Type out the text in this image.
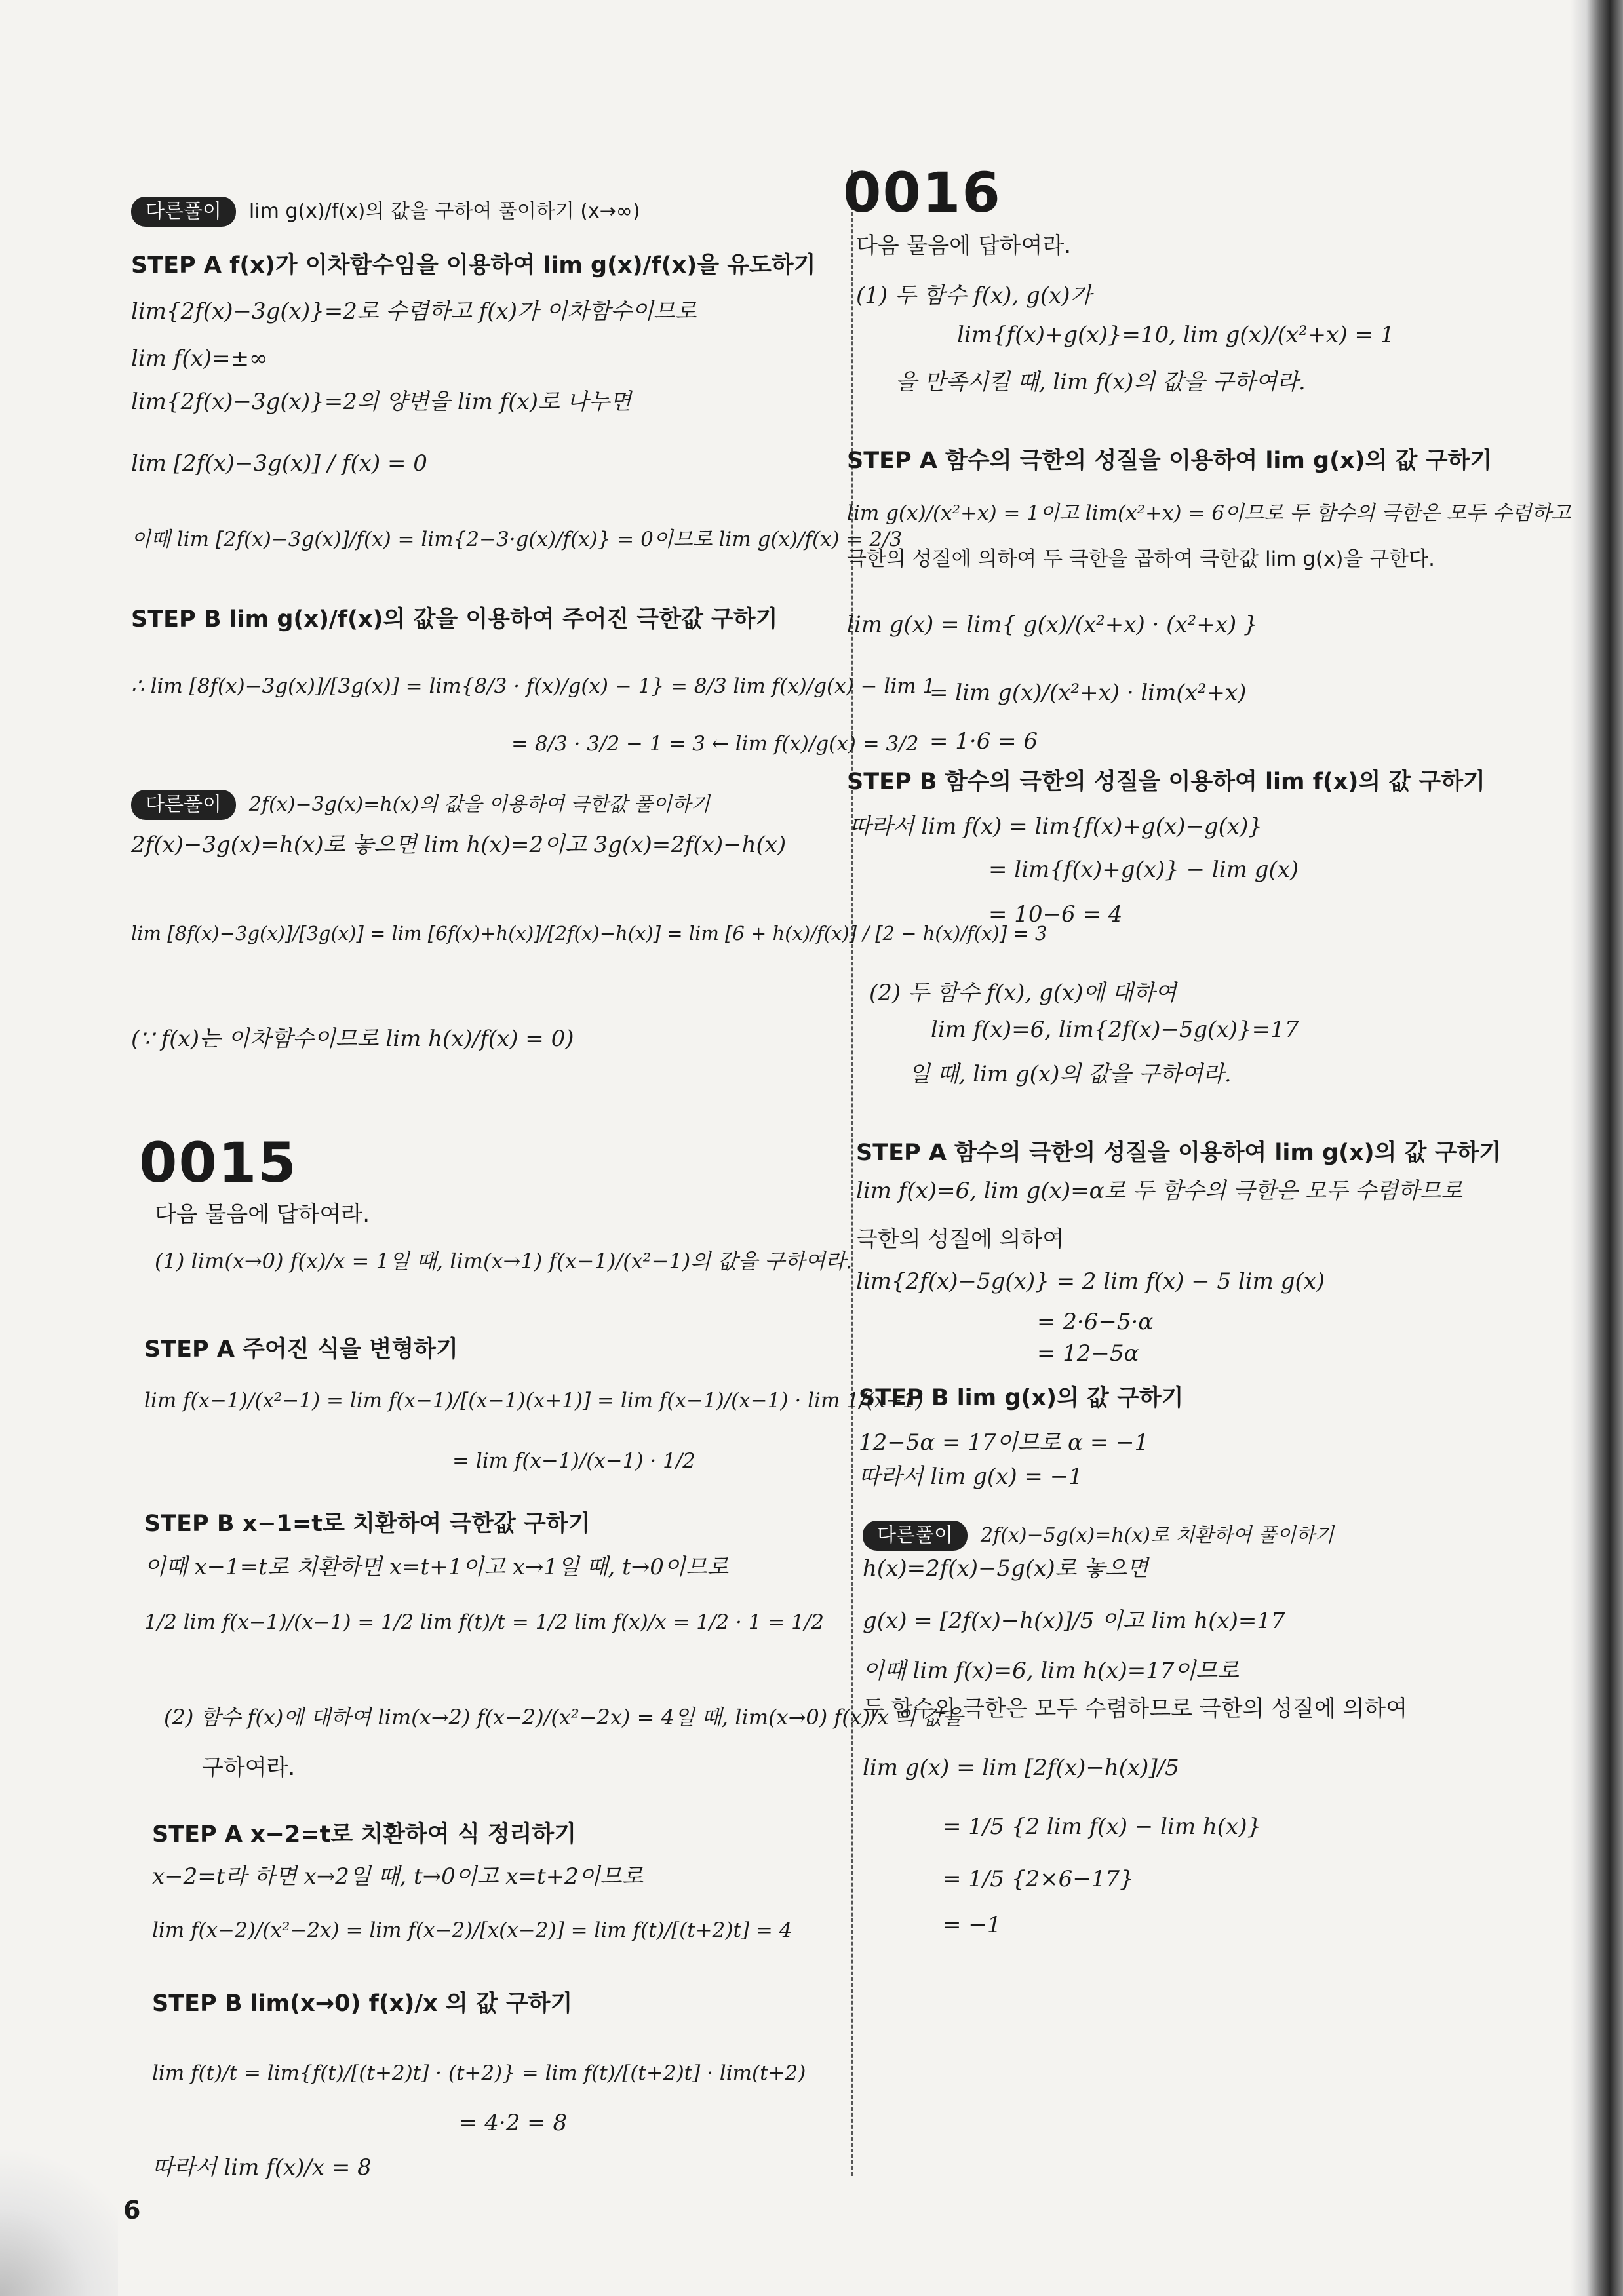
다른풀이 lim g(x)/f(x)의 값을 구하여 풀이하기 (x→∞)
STEP A f(x)가 이차함수임을 이용하여 lim g(x)/f(x)을 유도하기
lim{2f(x)−3g(x)}=2로 수렴하고 f(x)가 이차함수이므로
lim f(x)=±∞
lim{2f(x)−3g(x)}=2의 양변을 lim f(x)로 나누면
lim [2f(x)−3g(x)] / f(x) = 0
이때 lim [2f(x)−3g(x)]/f(x) = lim{2−3·g(x)/f(x)} = 0이므로 lim g(x)/f(x) = 2/3
STEP B lim g(x)/f(x)의 값을 이용하여 주어진 극한값 구하기
∴ lim [8f(x)−3g(x)]/[3g(x)] = lim{8/3 · f(x)/g(x) − 1} = 8/3 lim f(x)/g(x) − lim 1
= 8/3 · 3/2 − 1 = 3 ← lim f(x)/g(x) = 3/2
다른풀이 2f(x)−3g(x)=h(x)의 값을 이용하여 극한값 풀이하기
2f(x)−3g(x)=h(x)로 놓으면 lim h(x)=2이고 3g(x)=2f(x)−h(x)
lim [8f(x)−3g(x)]/[3g(x)] = lim [6f(x)+h(x)]/[2f(x)−h(x)] = lim [6 + h(x)/f(x)] / [2 − h(x)/f(x)] = 3
(∵ f(x)는 이차함수이므로 lim h(x)/f(x) = 0)
0015
다음 물음에 답하여라.
(1) lim(x→0) f(x)/x = 1일 때, lim(x→1) f(x−1)/(x²−1)의 값을 구하여라.
STEP A 주어진 식을 변형하기
lim f(x−1)/(x²−1) = lim f(x−1)/[(x−1)(x+1)] = lim f(x−1)/(x−1) · lim 1/(x+1)
= lim f(x−1)/(x−1) · 1/2
STEP B x−1=t로 치환하여 극한값 구하기
이때 x−1=t로 치환하면 x=t+1이고 x→1일 때, t→0이므로
1/2 lim f(x−1)/(x−1) = 1/2 lim f(t)/t = 1/2 lim f(x)/x = 1/2 · 1 = 1/2
(2) 함수 f(x)에 대하여 lim(x→2) f(x−2)/(x²−2x) = 4일 때, lim(x→0) f(x)/x 의 값을
구하여라.
STEP A x−2=t로 치환하여 식 정리하기
x−2=t라 하면 x→2일 때, t→0이고 x=t+2이므로
lim f(x−2)/(x²−2x) = lim f(x−2)/[x(x−2)] = lim f(t)/[(t+2)t] = 4
STEP B lim(x→0) f(x)/x 의 값 구하기
lim f(t)/t = lim{f(t)/[(t+2)t] · (t+2)} = lim f(t)/[(t+2)t] · lim(t+2)
= 4·2 = 8
따라서 lim f(x)/x = 8
0016
다음 물음에 답하여라.
(1) 두 함수 f(x), g(x)가
lim{f(x)+g(x)}=10, lim g(x)/(x²+x) = 1
을 만족시킬 때, lim f(x)의 값을 구하여라.
STEP A 함수의 극한의 성질을 이용하여 lim g(x)의 값 구하기
lim g(x)/(x²+x) = 1이고 lim(x²+x) = 6이므로 두 함수의 극한은 모두 수렴하고
극한의 성질에 의하여 두 극한을 곱하여 극한값 lim g(x)을 구한다.
lim g(x) = lim{ g(x)/(x²+x) · (x²+x) }
= lim g(x)/(x²+x) · lim(x²+x)
= 1·6 = 6
STEP B 함수의 극한의 성질을 이용하여 lim f(x)의 값 구하기
따라서 lim f(x) = lim{f(x)+g(x)−g(x)}
= lim{f(x)+g(x)} − lim g(x)
= 10−6 = 4
(2) 두 함수 f(x), g(x)에 대하여
lim f(x)=6, lim{2f(x)−5g(x)}=17
일 때, lim g(x)의 값을 구하여라.
STEP A 함수의 극한의 성질을 이용하여 lim g(x)의 값 구하기
lim f(x)=6, lim g(x)=α로 두 함수의 극한은 모두 수렴하므로
극한의 성질에 의하여
lim{2f(x)−5g(x)} = 2 lim f(x) − 5 lim g(x)
= 2·6−5·α
= 12−5α
STEP B lim g(x)의 값 구하기
12−5α = 17이므로 α = −1
따라서 lim g(x) = −1
다른풀이 2f(x)−5g(x)=h(x)로 치환하여 풀이하기
h(x)=2f(x)−5g(x)로 놓으면
g(x) = [2f(x)−h(x)]/5 이고 lim h(x)=17
이때 lim f(x)=6, lim h(x)=17이므로
두 함수의 극한은 모두 수렴하므로 극한의 성질에 의하여
lim g(x) = lim [2f(x)−h(x)]/5
= 1/5 {2 lim f(x) − lim h(x)}
= 1/5 {2×6−17}
= −1
6
